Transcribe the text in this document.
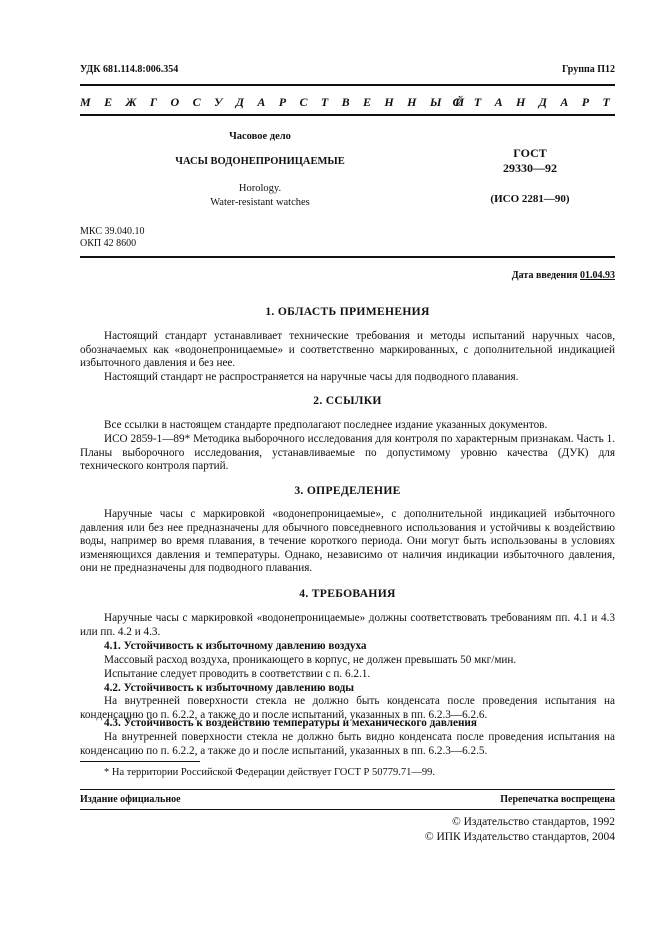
УДК 681.114.8:006.354	Группа П12
М Е Ж Г О С У Д А Р С Т В Е Н Н Ы Й
С Т А Н Д А Р Т
Часовое дело
ЧАСЫ ВОДОНЕПРОНИЦАЕМЫЕ
Horology.
Water-resistant watches
ГОСТ
29330—92
(ИСО 2281—90)
МКС 39.040.10
ОКП 42 8600
Дата введения 01.04.93
1. ОБЛАСТЬ ПРИМЕНЕНИЯ

Настоящий стандарт устанавливает технические требования и методы испытаний наручных часов, обозначаемых как «водонепроницаемые» и соответственно маркированных, с дополнительной индикацией избыточного давления и без нее.

Настоящий стандарт не распространяется на наручные часы для подводного плавания.

2. ССЫЛКИ

Все ссылки в настоящем стандарте предполагают последнее издание указанных документов.

ИСО 2859-1—89* Методика выборочного исследования для контроля по характерным признакам. Часть 1. Планы выборочного исследования, устанавливаемые по допустимому уровню качества (ДУК) для технического контроля партий.

3. ОПРЕДЕЛЕНИЕ

Наручные часы с маркировкой «водонепроницаемые», с дополнительной индикацией избыточного давления или без нее предназначены для обычного повседневного использования и устойчивы к воздействию воды, например во время плавания, в течение короткого периода. Они могут быть использованы в условиях изменяющихся давления и температуры. Однако, независимо от наличия индикации избыточного давления, они не предназначены для подводного плавания.

4. ТРЕБОВАНИЯ

Наручные часы с маркировкой «водонепроницаемые» должны соответствовать требованиям пп. 4.1 и 4.3 или пп. 4.2 и 4.3.

4.1. Устойчивость к избыточному давлению воздуха

Массовый расход воздуха, проникающего в корпус, не должен превышать 50 мкг/мин.

Испытание следует проводить в соответствии с п. 6.2.1.

4.2. Устойчивость к избыточному давлению воды

На внутренней поверхности стекла не должно быть конденсата после проведения испытания на конденсацию по п. 6.2.2, а также до и после испытаний, указанных в пп. 6.2.3—6.2.6.

4.3. Устойчивость к воздействию температуры и механического давления

На внутренней поверхности стекла не должно быть видно конденсата после проведения испытания на конденсацию по п. 6.2.2, а также до и после испытаний, указанных в пп. 6.2.3—6.2.5.

* На территории Российской Федерации действует ГОСТ Р 50779.71—99.
Издание официальное	Перепечатка воспрещена
© Издательство стандартов, 1992
© ИПК Издательство стандартов, 2004
